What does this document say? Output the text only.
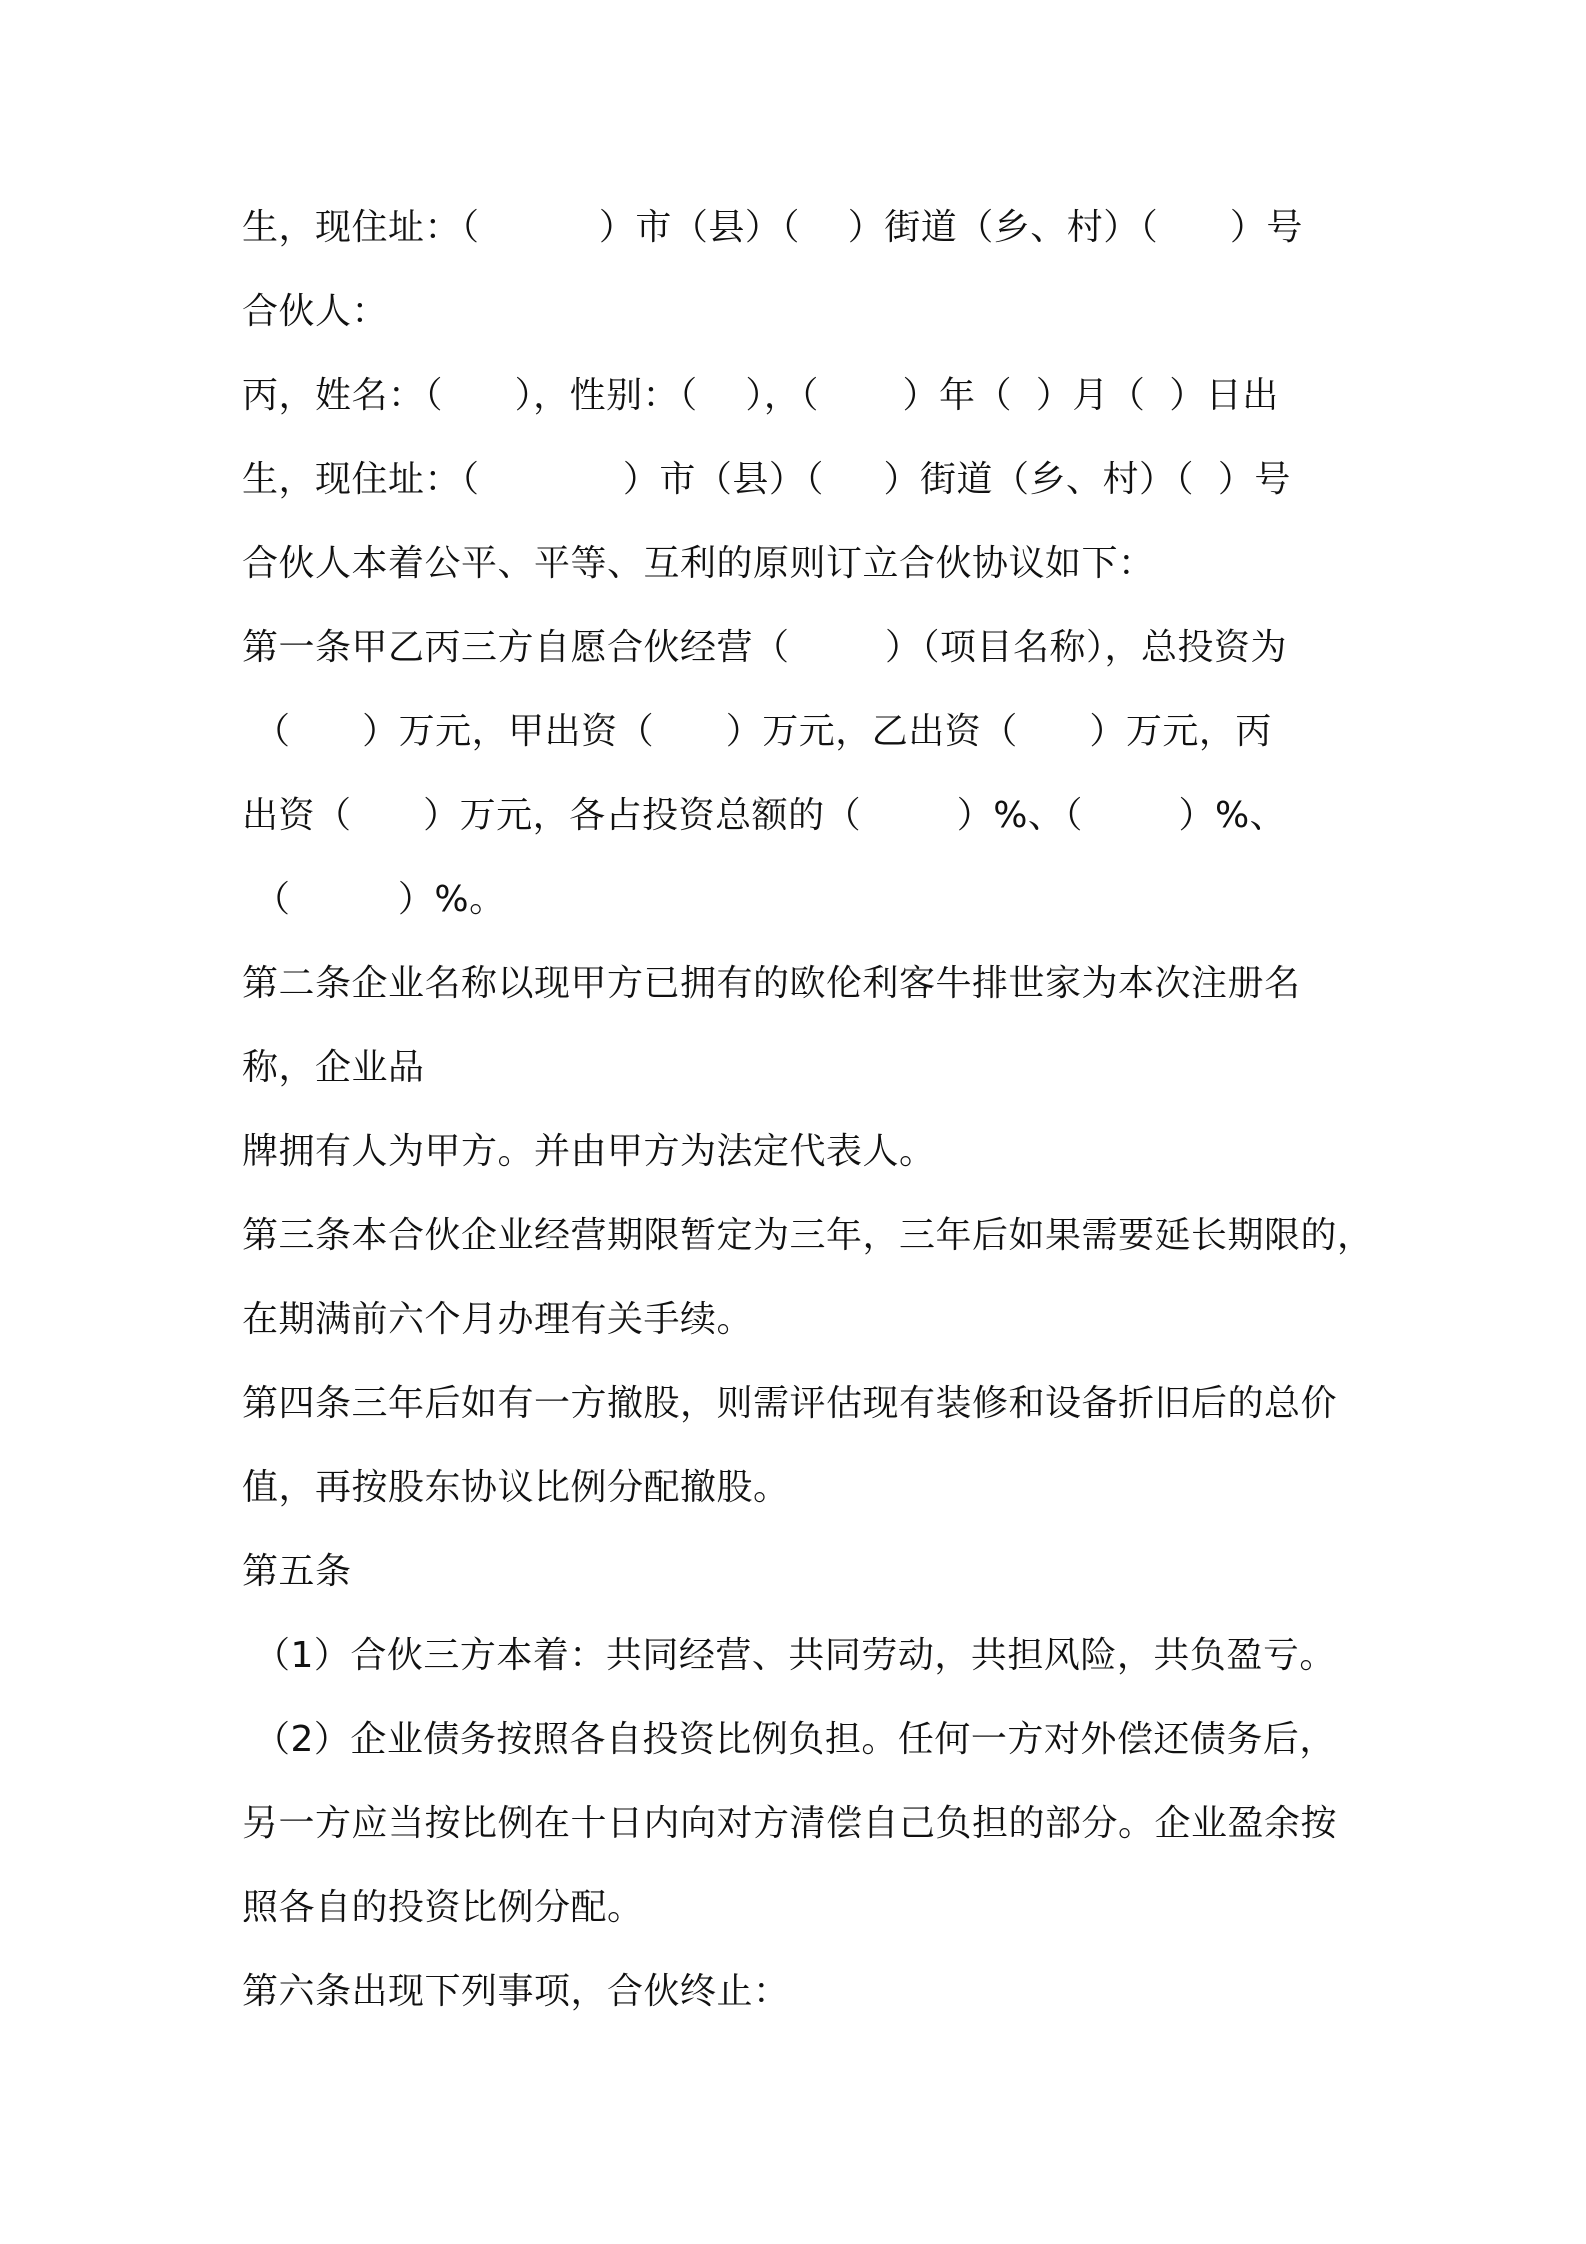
生，现住址：（          ）市（县）（    ）街道（乡、村）（      ）号
合伙人：
丙，姓名：（      ），性别：（    ），（       ）年（  ）月（  ）日出
生，现住址：（            ）市（县）（     ）街道（乡、村）（  ）号
合伙人本着公平、平等、互利的原则订立合伙协议如下：
第一条甲乙丙三方自愿合伙经营（        ）（项目名称），总投资为
（      ）万元，甲出资（      ）万元，乙出资（      ）万元，丙
出资（      ）万元，各占投资总额的（        ）%、（        ）%、
（         ）%。
第二条企业名称以现甲方已拥有的欧伦利客牛排世家为本次注册名
称，企业品
牌拥有人为甲方。并由甲方为法定代表人。
第三条本合伙企业经营期限暂定为三年，三年后如果需要延长期限的，
在期满前六个月办理有关手续。
第四条三年后如有一方撤股，则需评估现有装修和设备折旧后的总价
值，再按股东协议比例分配撤股。
第五条
（1）合伙三方本着：共同经营、共同劳动，共担风险，共负盈亏。
（2）企业债务按照各自投资比例负担。任何一方对外偿还债务后，
另一方应当按比例在十日内向对方清偿自己负担的部分。企业盈余按
照各自的投资比例分配。
第六条出现下列事项，合伙终止：
